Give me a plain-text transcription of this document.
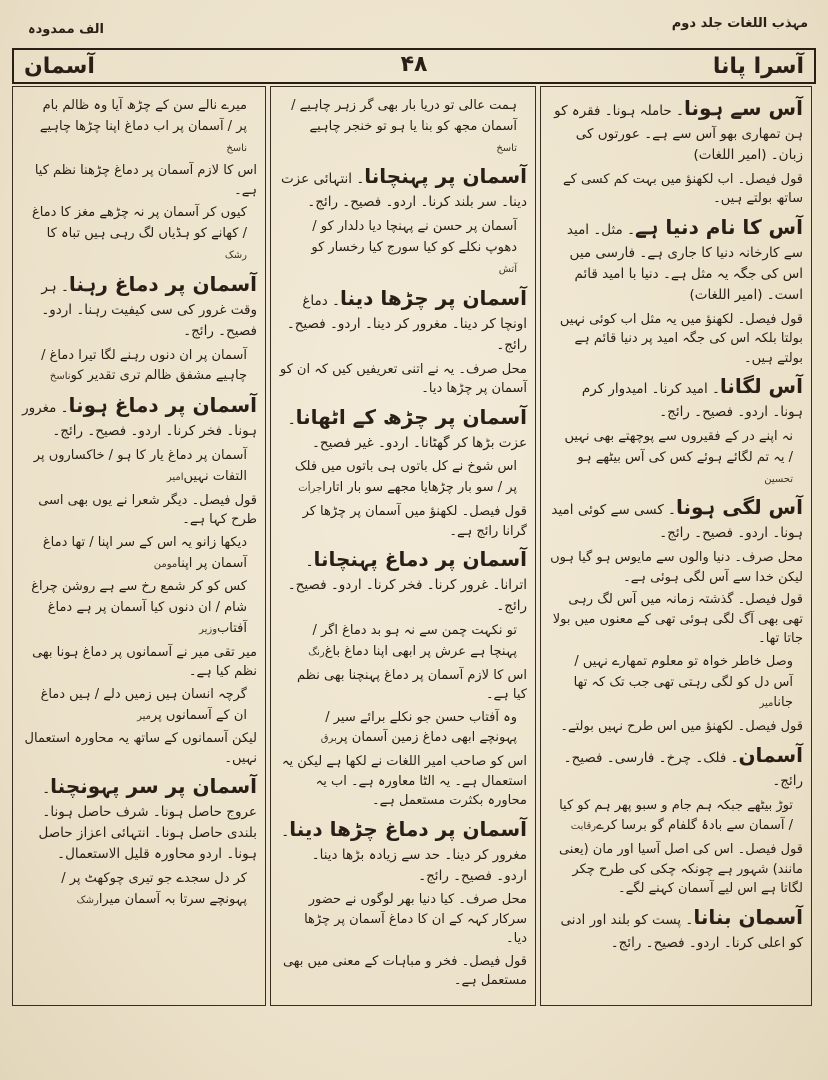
مہذب اللغات جلد دوم
الف ممدودہ
آسرا پانا
۴۸
آسمان
آس سے ہونا۔ حاملہ ہونا۔ فقرہ کو ہن تمھاری بھو آس سے ہے۔ عورتوں کی زبان۔ (امیر اللغات)
قول فیصل۔ اب لکھنؤ میں بہت کم کسی کے ساتھ بولتے ہیں۔
آس کا نام دنیا ہے۔ مثل۔ امید سے کارخانہ دنیا کا جاری ہے۔ فارسی میں اس کی جگہ یہ مثل ہے۔ دنیا با امید قائم است۔ (امیر اللغات)
قول فیصل۔ لکھنؤ میں یہ مثل اب کوئی نہیں بولتا بلکہ اس کی جگہ امید پر دنیا قائم ہے بولتے ہیں۔
آس لگانا۔ امید کرنا۔ امیدوار کرم ہونا۔ اردو۔ فصیح۔ رائج۔
نہ اپنے در کے فقیروں سے پوچھتے بھی نہیں / یہ تم لگائے ہوئے کس کی آس بیٹھے ہوتحسین
آس لگی ہونا۔ کسی سے کوئی امید ہونا۔ اردو۔ فصیح۔ رائج۔
محل صرف۔ دنیا والوں سے مایوس ہو گیا ہوں لیکن خدا سے آس لگی ہوئی ہے۔
قول فیصل۔ گذشتہ زمانہ میں آس لگ رہی تھی بھی آگ لگی ہوئی تھی کے معنوں میں بولا جاتا تھا۔
وصل خاطر خواہ تو معلوم تمھارے نہیں / آس دل کو لگی رہتی تھی جب تک کہ تھا جانامیر
قول فیصل۔ لکھنؤ میں اس طرح نہیں بولتے۔
آسمان۔ فلک۔ چرخ۔ فارسی۔ فصیح۔ رائج۔
توڑ بیٹھے جبکہ ہم جام و سبو پھر ہم کو کیا / آسمان سے بادۂ گلفام گو برسا کرےرقابت
قول فیصل۔ اس کی اصل آسیا اور مان (یعنی مانند) شہور ہے چونکہ چکی کی طرح چکر لگاتا ہے اس لیے آسمان کہنے لگے۔
آسمان بنانا۔ پست کو بلند اور ادنی کو اعلی کرنا۔ اردو۔ فصیح۔ رائج۔
ہمت عالی تو دریا بار بھی گر زہر چاہیے / آسمان مجھ کو بنا یا ہو تو خنجر چاہیےتاسخ
آسمان پر پہنچانا۔ انتہائی عزت دینا۔ سر بلند کرنا۔ اردو۔ فصیح۔ رائج۔
آسمان پر حسن نے پہنچا دیا دلدار کو / دھوپ نکلے کو کیا سورج کیا رخسار کوآتش
آسمان پر چڑھا دینا۔ دماغ اونچا کر دینا۔ مغرور کر دینا۔ اردو۔ فصیح۔ رائج۔
محل صرف۔ یہ نے اتنی تعریفیں کیں کہ ان کو آسمان پر چڑھا دیا۔
آسمان پر چڑھ کے اٹھانا۔ عزت بڑھا کر گھٹانا۔ اردو۔ غیر فصیح۔
اس شوخ نے کل باتوں ہی باتوں میں فلک پر / سو بار چڑھایا مجھے سو بار اتاراجرأت
قول فیصل۔ لکھنؤ میں آسمان پر چڑھا کر گرانا رائج ہے۔
آسمان پر دماغ پہنچانا۔ اترانا۔ غرور کرنا۔ فخر کرنا۔ اردو۔ فصیح۔ رائج۔
تو نکہت چمن سے نہ ہو بد دماغ اگر / پہنچا ہے عرش پر ابھی اپنا دماغ باغرنگ
اس کا لازم آسمان پر دماغ پہنچنا بھی نظم کیا ہے۔
وہ آفتاب حسن جو نکلے برائے سیر / پہونچے ابھی دماغ زمین آسمان پربرق
اس کو صاحب امیر اللغات نے لکھا ہے لیکن یہ استعمال ہے۔ یہ الٹا معاورہ ہے۔ اب یہ محاورہ بکثرت مستعمل ہے۔
آسمان پر دماغ چڑھا دینا۔ مغرور کر دینا۔ حد سے زیادہ بڑھا دینا۔ اردو۔ فصیح۔ رائج۔
محل صرف۔ کیا دنیا بھر لوگوں نے حضور سرکار کہہ کے ان کا دماغ آسمان پر چڑھا دیا۔
قول فیصل۔ فخر و مباہات کے معنی میں بھی مستعمل ہے۔
میرے نالے سن کے چڑھ آیا وہ ظالم بام پر / آسمان پر اب دماغ اپنا چڑھا چاہیےناسخ
اس کا لازم آسمان پر دماغ چڑھنا نظم کیا ہے۔
کیوں کر آسمان پر نہ چڑھے مغز کا دماغ / کھانے کو ہڈیاں لگ رہی ہیں تباہ کارشک
آسمان پر دماغ رہنا۔ ہر وقت غرور کی سی کیفیت رہنا۔ اردو۔ فصیح۔ رائج۔
آسمان پر ان دنوں رہنے لگا تیرا دماغ / چاہیے مشفق ظالم تری تقدیر کوناسخ
آسمان پر دماغ ہونا۔ مغرور ہونا۔ فخر کرنا۔ اردو۔ فصیح۔ رائج۔
آسمان پر دماغ یار کا ہو / خاکساروں پر التفات نہیںامیر
قول فیصل۔ دیگر شعرا نے یوں بھی اسی طرح کہا ہے۔
دیکھا زانو یہ اس کے سر اپنا / تھا دماغ آسمان پر اپنامومن
کس کو کر شمع رخ سے ہے روشن چراغ شام / ان دنوں کیا آسمان پر ہے دماغ آفتابوزیر
میر تقی میر نے آسمانوں پر دماغ ہونا بھی نظم کیا ہے۔
گرچہ انسان ہیں زمیں دلے / ہیں دماغ ان کے آسمانوں پرمیر
لیکن آسمانوں کے ساتھ یہ محاورہ استعمال نہیں۔
آسمان پر سر پہونچنا۔ عروج حاصل ہونا۔ شرف حاصل ہونا۔ بلندی حاصل ہونا۔ انتہائی اعزاز حاصل ہونا۔ اردو محاورہ قلیل الاستعمال۔
کر دل سجدے جو تیری چوکھٹ پر / پہونچے سرتا بہ آسمان میرارشک
